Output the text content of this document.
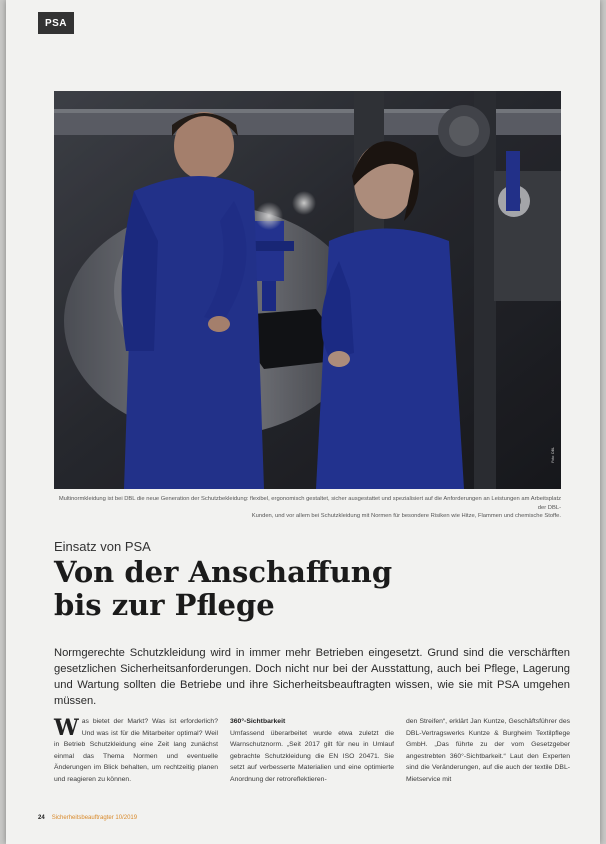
PSA
Foto: DBL
Multinormkleidung ist bei DBL die neue Generation der Schutzbekleidung: flexibel, ergonomisch gestaltet, sicher ausgestattet und spezialisiert auf die Anforderungen an Leistungen am Arbeitsplatz der DBL-
Kunden, und vor allem bei Schutzkleidung mit Normen für besondere Risiken wie Hitze, Flammen und chemische Stoffe.
Einsatz von PSA
Von der Anschaffung
bis zur Pflege

Normgerechte Schutzkleidung wird in immer mehr Betrieben eingesetzt. Grund sind die verschärften gesetzlichen Sicherheitsanforderungen. Doch nicht nur bei der Ausstattung, auch bei Pflege, Lagerung und Wartung sollten die Betriebe und ihre Sicherheitsbeauftragten wissen, wie sie mit PSA umgehen müssen.

W as bietet der Markt? Was ist erforderlich? Und was ist für die Mitarbeiter optimal? Weil in Betrieb Schutzkleidung eine Zeit lang zunächst einmal das Thema Normen und eventuelle Änderungen im Blick behalten, um rechtzeitig planen und reagieren zu können.
360°-Sichtbarkeit
Umfassend überarbeitet wurde etwa zuletzt die Warnschutznorm. „Seit 2017 gilt für neu in Umlauf gebrachte Schutzkleidung die EN ISO 20471. Sie setzt auf verbesserte Materialien und eine optimierte Anordnung der retroreflektieren-
den Streifen“, erklärt Jan Kuntze, Geschäftsführer des DBL-Vertragswerks Kuntze & Burgheim Textilpflege GmbH. „Das führte zu der vom Gesetzgeber angestrebten 360°-Sichtbarkeit.“ Laut den Experten sind die Veränderungen, auf die auch der textile DBL-Mietservice mit
24 Sicherheitsbeauftragter 10/2019
